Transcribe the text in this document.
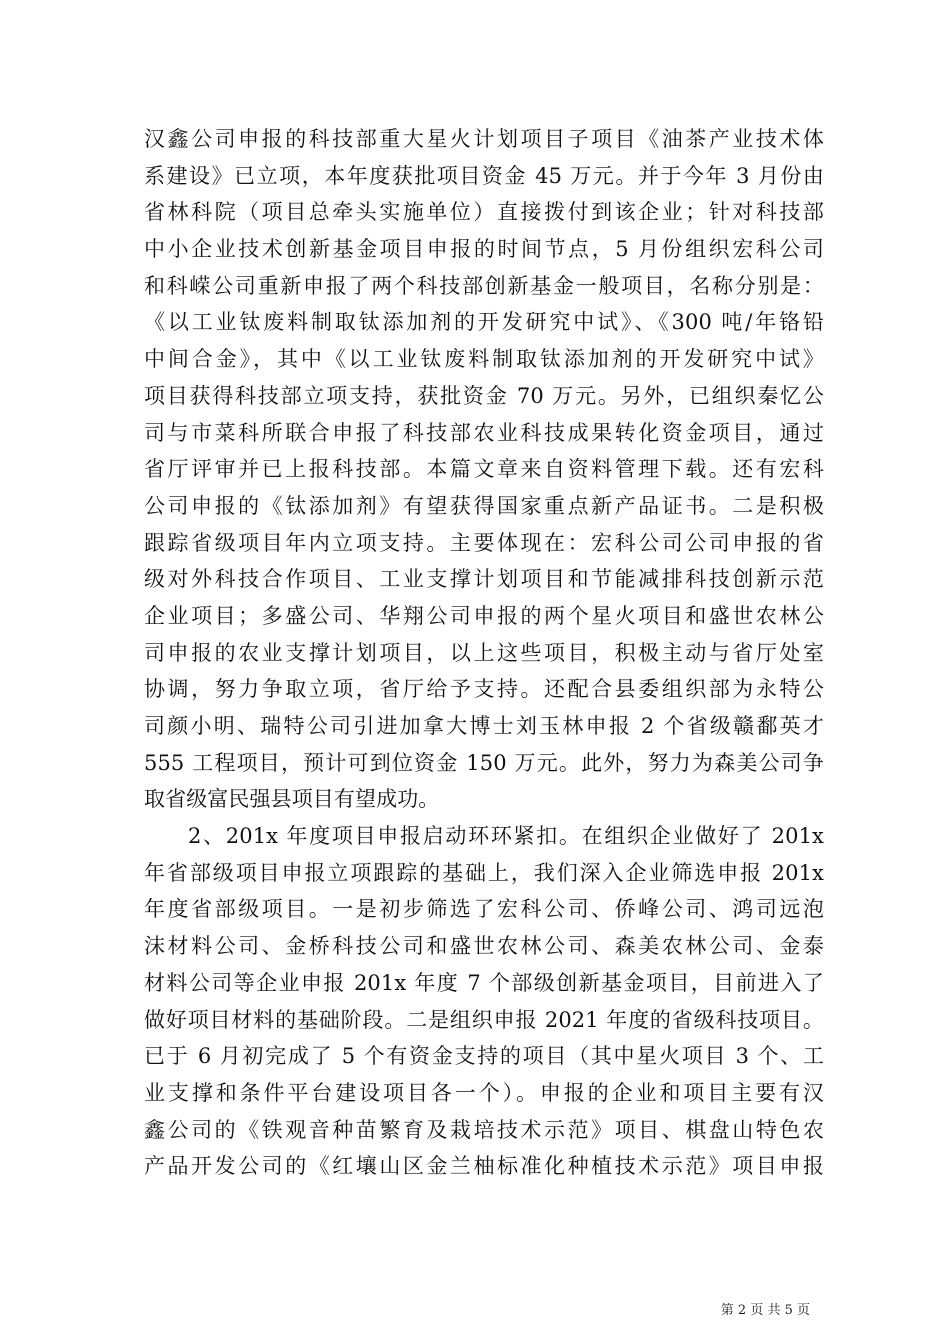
汉鑫公司申报的科技部重大星火计划项目子项目《油茶产业技术体
系建设》已立项，本年度获批项目资金 45 万元。并于今年 3 月份由
省林科院（项目总牵头实施单位）直接拨付到该企业；针对科技部
中小企业技术创新基金项目申报的时间节点，5 月份组织宏科公司
和科嵘公司重新申报了两个科技部创新基金一般项目，名称分别是：
《以工业钛废料制取钛添加剂的开发研究中试》、《300 吨/年铬铅
中间合金》，其中《以工业钛废料制取钛添加剂的开发研究中试》
项目获得科技部立项支持，获批资金 70 万元。另外，已组织秦忆公
司与市菜科所联合申报了科技部农业科技成果转化资金项目，通过
省厅评审并已上报科技部。本篇文章来自资料管理下载。还有宏科
公司申报的《钛添加剂》有望获得国家重点新产品证书。二是积极
跟踪省级项目年内立项支持。主要体现在：宏科公司公司申报的省
级对外科技合作项目、工业支撑计划项目和节能减排科技创新示范
企业项目；多盛公司、华翔公司申报的两个星火项目和盛世农林公
司申报的农业支撑计划项目，以上这些项目，积极主动与省厅处室
协调，努力争取立项，省厅给予支持。还配合县委组织部为永特公
司颜小明、瑞特公司引进加拿大博士刘玉林申报 2 个省级赣鄱英才
555 工程项目，预计可到位资金 150 万元。此外，努力为森美公司争
取省级富民强县项目有望成功。
2、201x 年度项目申报启动环环紧扣。在组织企业做好了 201x
年省部级项目申报立项跟踪的基础上，我们深入企业筛选申报 201x
年度省部级项目。一是初步筛选了宏科公司、侨峰公司、鸿司远泡
沫材料公司、金桥科技公司和盛世农林公司、森美农林公司、金泰
材料公司等企业申报 201x 年度 7 个部级创新基金项目，目前进入了
做好项目材料的基础阶段。二是组织申报 2021 年度的省级科技项目。
已于 6 月初完成了 5 个有资金支持的项目（其中星火项目 3 个、工
业支撑和条件平台建设项目各一个）。申报的企业和项目主要有汉
鑫公司的《铁观音种苗繁育及栽培技术示范》项目、棋盘山特色农
产品开发公司的《红壤山区金兰柚标准化种植技术示范》项目申报
第 2 页 共 5 页
